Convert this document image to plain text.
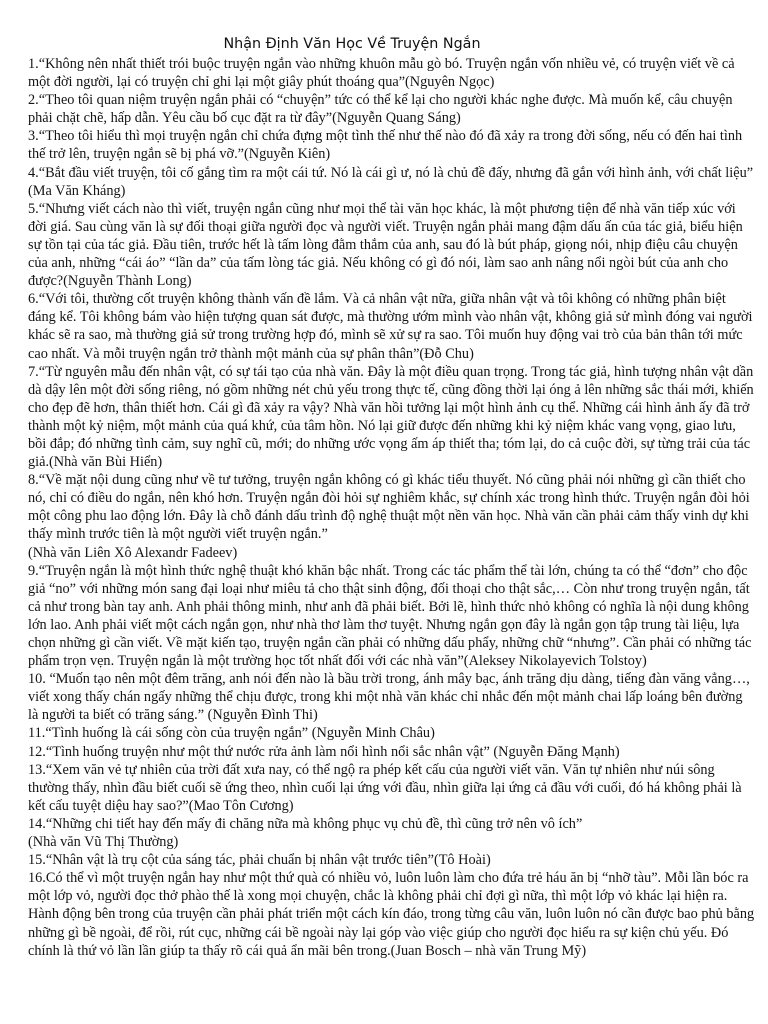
Nhận Định Văn Học Về Truyện Ngắn

1.“Không nên nhất thiết trói buộc truyện ngắn vào những khuôn mẫu gò bó. Truyện ngắn vốn nhiều vẻ, có truyện viết về cả một đời người, lại có truyện chỉ ghi lại một giây phút thoáng qua”(Nguyên Ngọc)

2.“Theo tôi quan niệm truyện ngắn phải có “chuyện” tức có thể kể lại cho người khác nghe được. Mà muốn kể, câu chuyện phải chặt chẽ, hấp dẫn. Yêu cầu bố cục đặt ra từ đây”(Nguyễn Quang Sáng)

3.“Theo tôi hiểu thì mọi truyện ngắn chỉ chứa đựng một tình thế như thế nào đó đã xảy ra trong đời sống, nếu có đến hai tình thế trở lên, truyện ngắn sẽ bị phá vỡ.”(Nguyễn Kiên)

4.“Bắt đầu viết truyện, tôi cố gắng tìm ra một cái tứ. Nó là cái gì ư, nó là chủ đề đấy, nhưng đã gắn với hình ảnh, với chất liệu” (Ma Văn Kháng)

5.“Nhưng viết cách nào thì viết, truyện ngắn cũng như mọi thể tài văn học khác, là một phương tiện để nhà văn tiếp xúc với đời giá. Sau cùng văn là sự đối thoại giữa người đọc và người viết. Truyện ngắn phải mang đậm dấu ấn của tác giả, biểu hiện sự tồn tại của tác giả. Đầu tiên, trước hết là tấm lòng đằm thắm của anh, sau đó là bút pháp, giọng nói, nhịp điệu câu chuyện của anh, những “cái áo” “lần da” của tấm lòng tác giả. Nếu không có gì đó nói, làm sao anh nâng nổi ngòi bút của anh cho được?(Nguyễn Thành Long)

6.“Với tôi, thường cốt truyện không thành vấn đề lắm. Và cả nhân vật nữa, giữa nhân vật và tôi không có những phân biệt đáng kể. Tôi không bám vào hiện tượng quan sát được, mà thường ướm mình vào nhân vật, không giả sử mình đóng vai người khác sẽ ra sao, mà thường giả sử trong trường hợp đó, mình sẽ xử sự ra sao. Tôi muốn huy động vai trò của bản thân tới mức cao nhất. Và mỗi truyện ngắn trở thành một mảnh của sự phân thân”(Đỗ Chu)

7.“Từ nguyên mẫu đến nhân vật, có sự tái tạo của nhà văn. Đây là một điều quan trọng. Trong tác giả, hình tượng nhân vật dần dà dậy lên một đời sống riêng, nó gồm những nét chủ yếu trong thực tế, cũng đồng thời lại óng ả lên những sắc thái mới, khiến cho đẹp đẽ hơn, thân thiết hơn. Cái gì đã xảy ra vậy? Nhà văn hồi tưởng lại một hình ảnh cụ thể. Những cái hình ảnh ấy đã trở thành một kỷ niệm, một mảnh của quá khứ, của tâm hồn. Nó lại giữ được đến những khi kỷ niệm khác vang vọng, giao lưu, bồi đắp; đó những tình cảm, suy nghĩ cũ, mới; do những ước vọng ấm áp thiết tha; tóm lại, do cả cuộc đời, sự từng trải của tác giả.(Nhà văn Bùi Hiển)

8.“Về mặt nội dung cũng như về tư tưởng, truyện ngắn không có gì khác tiểu thuyết. Nó cũng phải nói những gì cần thiết cho nó, chỉ có điều do ngắn, nên khó hơn. Truyện ngắn đòi hỏi sự nghiêm khắc, sự chính xác trong hình thức. Truyện ngắn đòi hỏi một công phu lao động lớn. Đây là chỗ đánh dấu trình độ nghệ thuật một nền văn học. Nhà văn cần phải cảm thấy vinh dự khi thấy mình trước tiên là một người viết truyện ngắn.”

(Nhà văn Liên Xô Alexandr Fadeev)

9.“Truyện ngắn là một hình thức nghệ thuật khó khăn bậc nhất. Trong các tác phẩm thể tài lớn, chúng ta có thể “đơn” cho độc giả “no” với những món sang đại loại như miêu tả cho thật sinh động, đối thoại cho thật sắc,… Còn như trong truyện ngắn, tất cả như trong bàn tay anh. Anh phải thông minh, như anh đã phải biết. Bởi lẽ, hình thức nhỏ không có nghĩa là nội dung không lớn lao. Anh phải viết một cách ngắn gọn, như nhà thơ làm thơ tuyệt. Nhưng ngắn gọn đây là ngắn gọn tập trung tài liệu, lựa chọn những gì cần viết. Về mặt kiến tạo, truyện ngắn cần phải có những dấu phẩy, những chữ “nhưng”. Cần phải có những tác phẩm trọn vẹn. Truyện ngắn là một trường học tốt nhất đối với các nhà văn”(Aleksey Nikolayevich Tolstoy)

10. “Muốn tạo nên một đêm trăng, anh nói đến nào là bầu trời trong, ánh mây bạc, ánh trăng dịu dàng, tiếng đàn văng vẳng…, viết xong thấy chán ngấy những thể chịu được, trong khi một nhà văn khác chỉ nhắc đến một mảnh chai lấp loáng bên đường là người ta biết có trăng sáng.” (Nguyễn Đình Thi)

11.“Tình huống là cái sống còn của truyện ngắn” (Nguyễn Minh Châu)

12.“Tình huống truyện như một thứ nước rửa ảnh làm nổi hình nổi sắc nhân vật” (Nguyễn Đăng Mạnh)

13.“Xem văn vẻ tự nhiên của trời đất xưa nay, có thể ngộ ra phép kết cấu của người viết văn. Văn tự nhiên như núi sông thường thấy, nhìn đầu biết cuối sẽ ứng theo, nhìn cuối lại ứng với đầu, nhìn giữa lại ứng cả đầu với cuối, đó há không phải là kết cấu tuyệt diệu hay sao?”(Mao Tôn Cương)

14.“Những chi tiết hay đến mấy đi chăng nữa mà không phục vụ chủ đề, thì cũng trở nên vô ích”

(Nhà văn Vũ Thị Thường)

15.“Nhân vật là trụ cột của sáng tác, phải chuẩn bị nhân vật trước tiên”(Tô Hoài)

16.Có thể vì một truyện ngắn hay như một thứ quà có nhiều vỏ, luôn luôn làm cho đứa trẻ háu ăn bị “nhỡ tàu”. Mỗi lần bóc ra một lớp vỏ, người đọc thở phào thế là xong mọi chuyện, chắc là không phải chỉ đợi gì nữa, thì một lớp vỏ khác lại hiện ra. Hành động bên trong của truyện cần phải phát triển một cách kín đáo, trong từng câu văn, luôn luôn nó cần được bao phủ bằng những gì bề ngoài, để rồi, rút cục, những cái bề ngoài này lại góp vào việc giúp cho người đọc hiểu ra sự kiện chủ yếu. Đó chính là thứ vỏ lần lần giúp ta thấy rõ cái quả ẩn mãi bên trong.(Juan Bosch – nhà văn Trung Mỹ)
